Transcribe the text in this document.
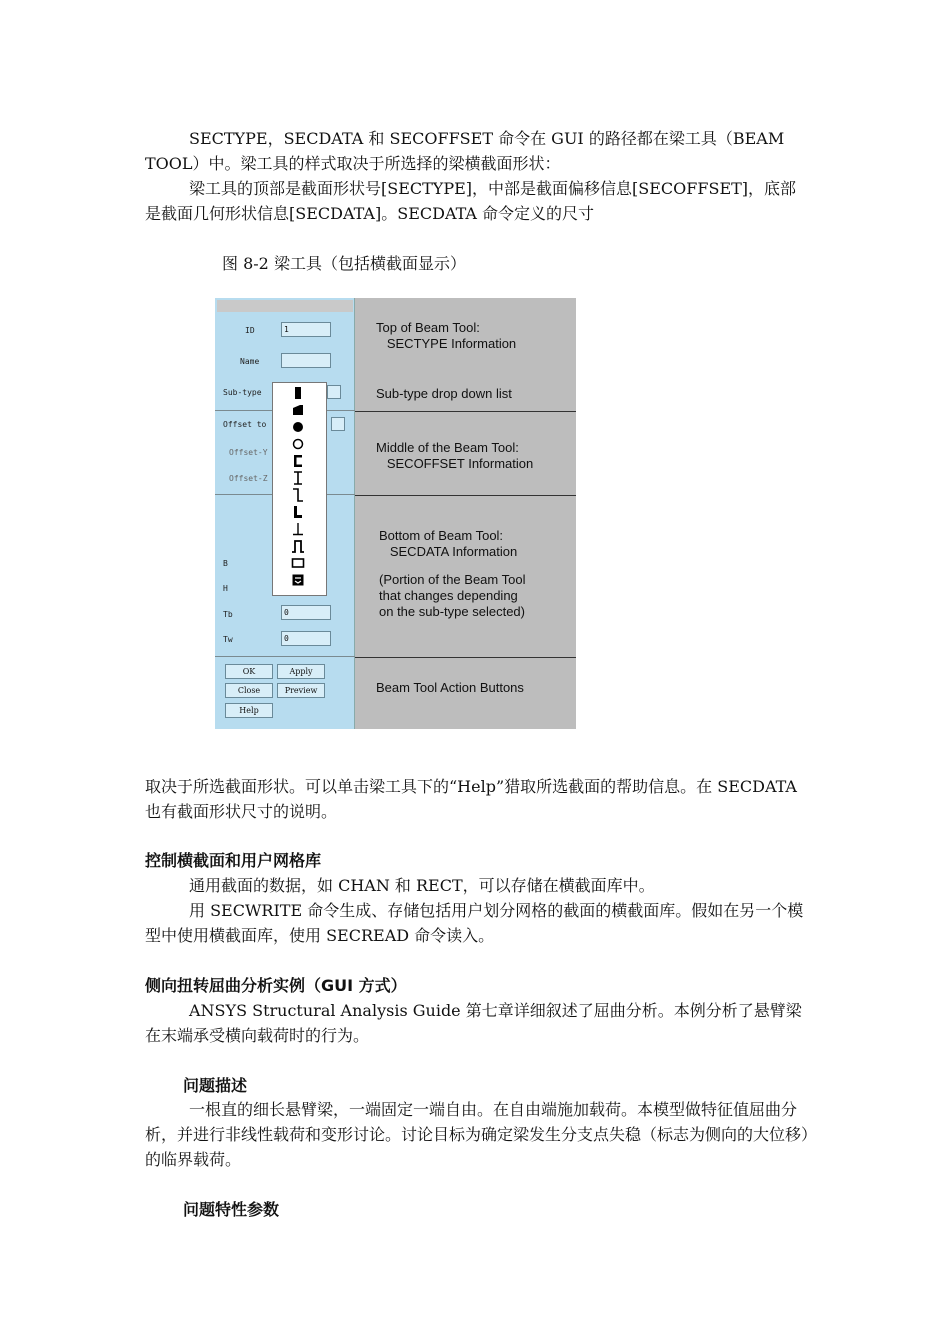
SECTYPE，SECDATA 和 SECOFFSET 命令在 GUI 的路径都在梁工具（BEAM TOOL）中。梁工具的样式取决于所选择的梁横截面形状：

梁工具的顶部是截面形状号[SECTYPE]，中部是截面偏移信息[SECOFFSET]，底部是截面几何形状信息[SECDATA]。SECDATA 命令定义的尺寸

图 8-2 梁工具（包括横截面显示）
ID	1
Name
Sub-type
Offset to
Offset-Y
Offset-Z
B
H
Tb	0
Tw	0
OK	Apply
Close	Preview
Help
Top of Beam Tool:
SECTYPE Information
Sub-type drop down list
Middle of the Beam Tool:
SECOFFSET Information
Bottom of Beam Tool:
SECDATA Information
(Portion of the Beam Tool
that changes depending
on the sub-type selected)
Beam Tool Action Buttons

取决于所选截面形状。可以单击梁工具下的“Help”猎取所选截面的帮助信息。在 SECDATA 也有截面形状尺寸的说明。

控制横截面和用户网格库

通用截面的数据，如 CHAN 和 RECT，可以存储在横截面库中。

用 SECWRITE 命令生成、存储包括用户划分网格的截面的横截面库。假如在另一个模型中使用横截面库，使用 SECREAD 命令读入。

侧向扭转屈曲分析实例（GUI 方式）

ANSYS Structural Analysis Guide 第七章详细叙述了屈曲分析。本例分析了悬臂梁在末端承受横向载荷时的行为。

问题描述

一根直的细长悬臂梁，一端固定一端自由。在自由端施加载荷。本模型做特征值屈曲分析，并进行非线性载荷和变形讨论。讨论目标为确定梁发生分支点失稳（标志为侧向的大位移）的临界载荷。

问题特性参数
